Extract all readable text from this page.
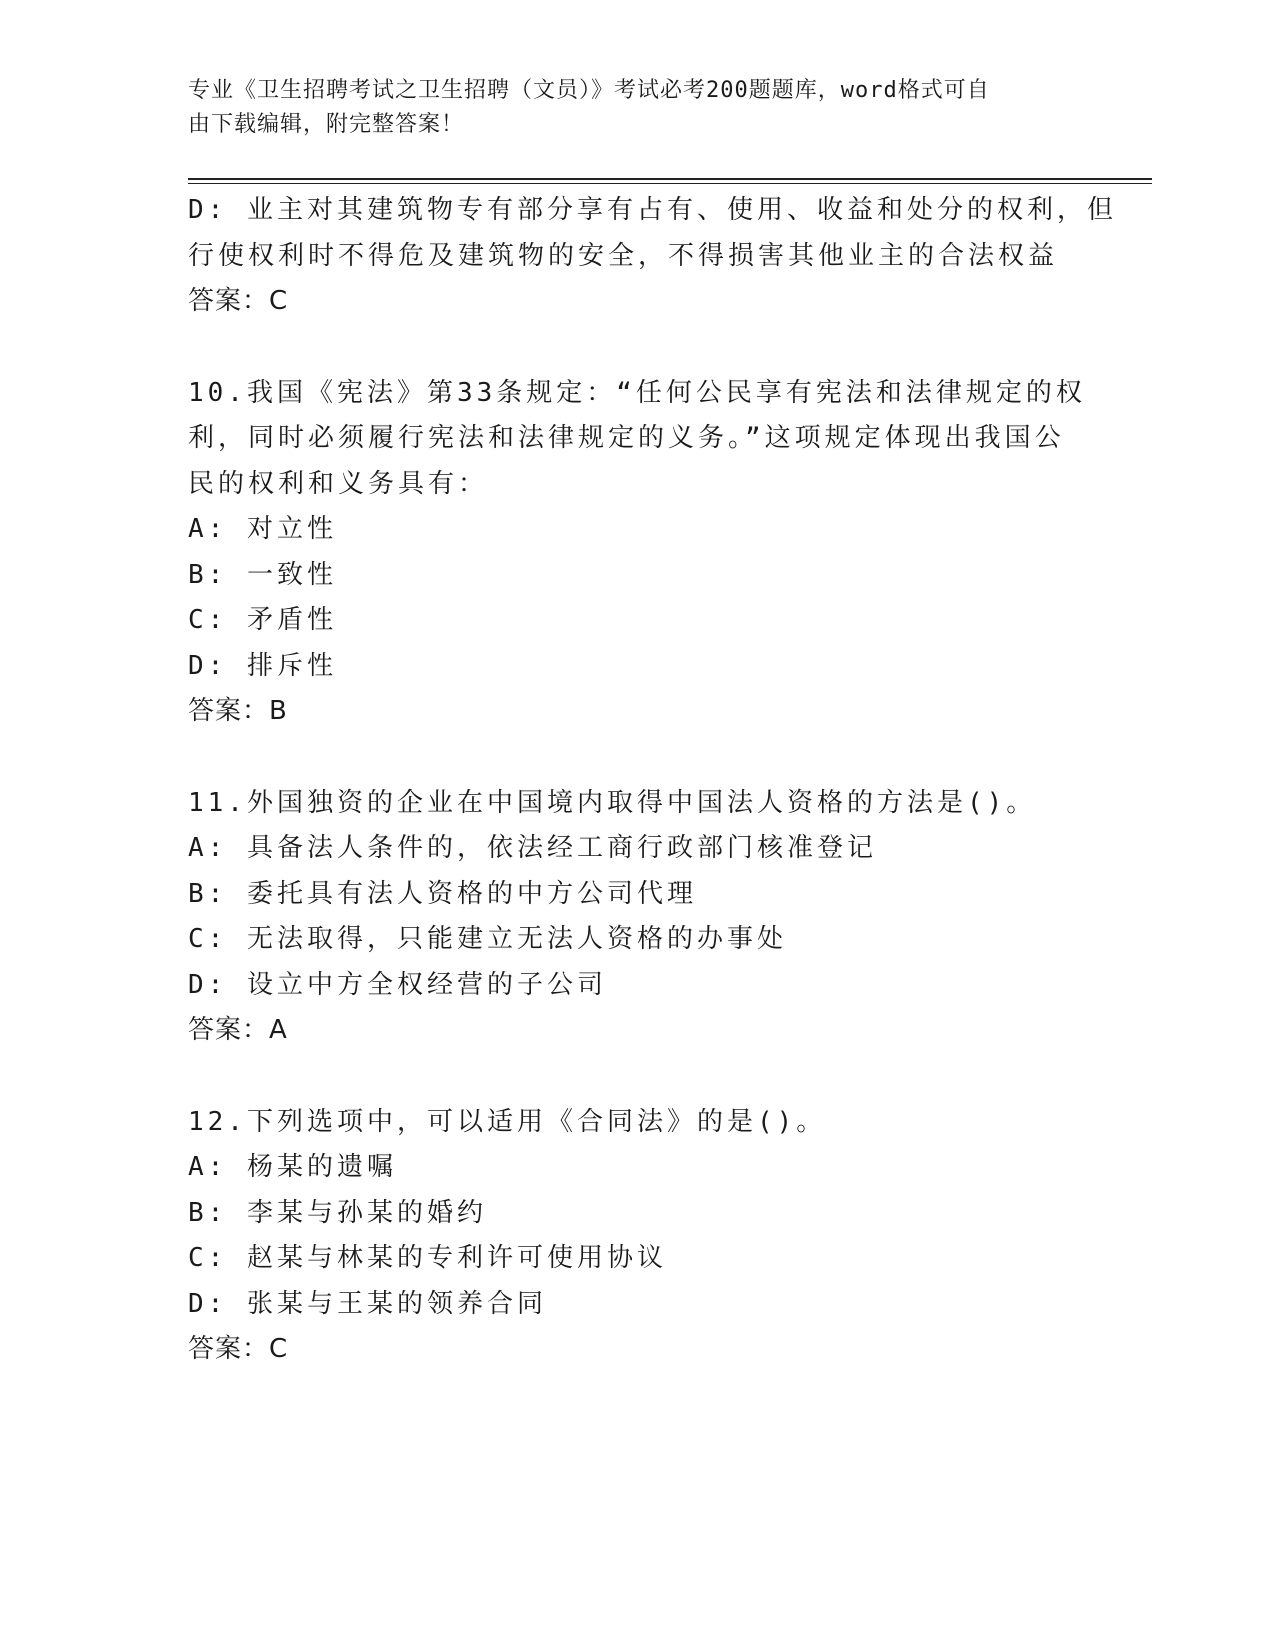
专业《卫生招聘考试之卫生招聘（文员）》考试必考200题题库，word格式可自
由下载编辑，附完整答案！
D: 业主对其建筑物专有部分享有占有、使用、收益和处分的权利，但
行使权利时不得危及建筑物的安全，不得损害其他业主的合法权益
答案：C
10.我国《宪法》第33条规定：“任何公民享有宪法和法律规定的权
利，同时必须履行宪法和法律规定的义务。”这项规定体现出我国公
民的权利和义务具有：
A: 对立性
B: 一致性
C: 矛盾性
D: 排斥性
答案：B
11.外国独资的企业在中国境内取得中国法人资格的方法是()。
A: 具备法人条件的，依法经工商行政部门核准登记
B: 委托具有法人资格的中方公司代理
C: 无法取得，只能建立无法人资格的办事处
D: 设立中方全权经营的子公司
答案：A
12.下列选项中，可以适用《合同法》的是()。
A: 杨某的遗嘱
B: 李某与孙某的婚约
C: 赵某与林某的专利许可使用协议
D: 张某与王某的领养合同
答案：C
